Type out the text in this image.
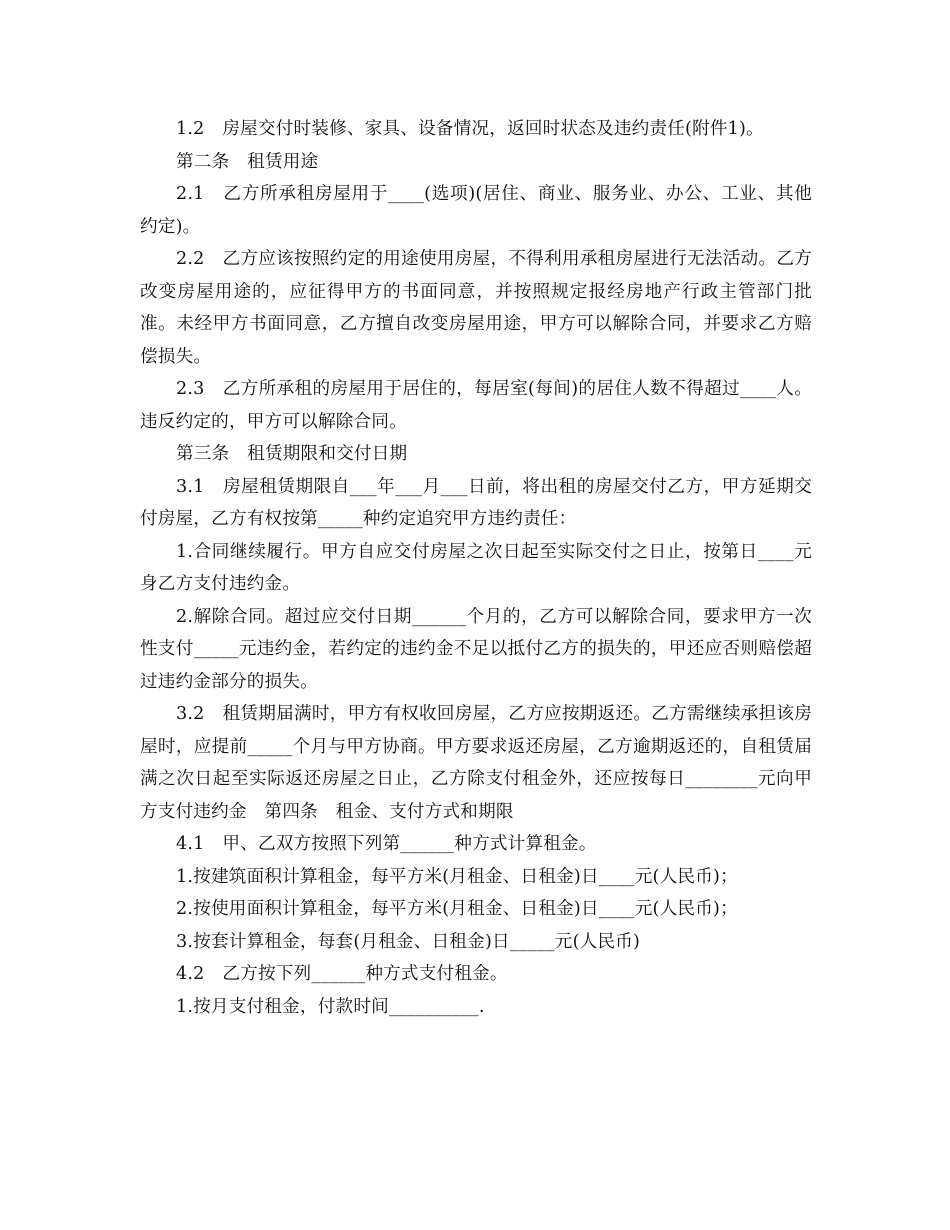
1.2　房屋交付时装修、家具、设备情况，返回时状态及违约责任(附件1)。

第二条　租赁用途

2.1　乙方所承租房屋用于____(选项)(居住、商业、服务业、办公、工业、其他约定)。

2.2　乙方应该按照约定的用途使用房屋，不得利用承租房屋进行无法活动。乙方改变房屋用途的，应征得甲方的书面同意，并按照规定报经房地产行政主管部门批准。未经甲方书面同意，乙方擅自改变房屋用途，甲方可以解除合同，并要求乙方赔偿损失。

2.3　乙方所承租的房屋用于居住的，每居室(每间)的居住人数不得超过____人。违反约定的，甲方可以解除合同。

第三条　租赁期限和交付日期

3.1　房屋租赁期限自___年___月___日前，将出租的房屋交付乙方，甲方延期交付房屋，乙方有权按第_____种约定追究甲方违约责任：

1.合同继续履行。甲方自应交付房屋之次日起至实际交付之日止，按第日____元身乙方支付违约金。

2.解除合同。超过应交付日期______个月的，乙方可以解除合同，要求甲方一次性支付_____元违约金，若约定的违约金不足以抵付乙方的损失的，甲还应否则赔偿超过违约金部分的损失。

3.2　租赁期届满时，甲方有权收回房屋，乙方应按期返还。乙方需继续承担该房屋时，应提前_____个月与甲方协商。甲方要求返还房屋，乙方逾期返还的，自租赁届满之次日起至实际返还房屋之日止，乙方除支付租金外，还应按每日________元向甲方支付违约金　第四条　租金、支付方式和期限

4.1　甲、乙双方按照下列第______种方式计算租金。

1.按建筑面积计算租金，每平方米(月租金、日租金)日____元(人民币)；

2.按使用面积计算租金，每平方米(月租金、日租金)日____元(人民币)；

3.按套计算租金，每套(月租金、日租金)日_____元(人民币)

4.2　乙方按下列______种方式支付租金。

1.按月支付租金，付款时间__________.
